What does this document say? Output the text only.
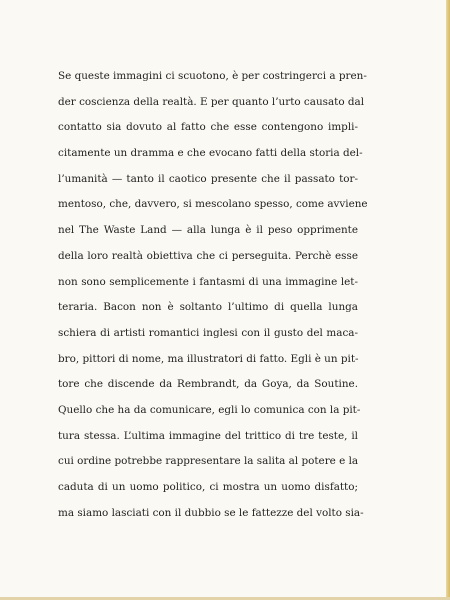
Se queste immagini ci scuotono, è per costringerci a pren-
der coscienza della realtà. E per quanto l’urto causato dal
contatto sia dovuto al fatto che esse contengono impli-
citamente un dramma e che evocano fatti della storia del-
l’umanità — tanto il caotico presente che il passato tor-
mentoso, che, davvero, si mescolano spesso, come avviene
nel The Waste Land — alla lunga è il peso opprimente
della loro realtà obiettiva che ci perseguita. Perchè esse
non sono semplicemente i fantasmi di una immagine let-
teraria. Bacon non è soltanto l’ultimo di quella lunga
schiera di artisti romantici inglesi con il gusto del maca-
bro, pittori di nome, ma illustratori di fatto. Egli è un pit-
tore che discende da Rembrandt, da Goya, da Soutine.
Quello che ha da comunicare, egli lo comunica con la pit-
tura stessa. L’ultima immagine del trittico di tre teste, il
cui ordine potrebbe rappresentare la salita al potere e la
caduta di un uomo politico, ci mostra un uomo disfatto;
ma siamo lasciati con il dubbio se le fattezze del volto sia-
